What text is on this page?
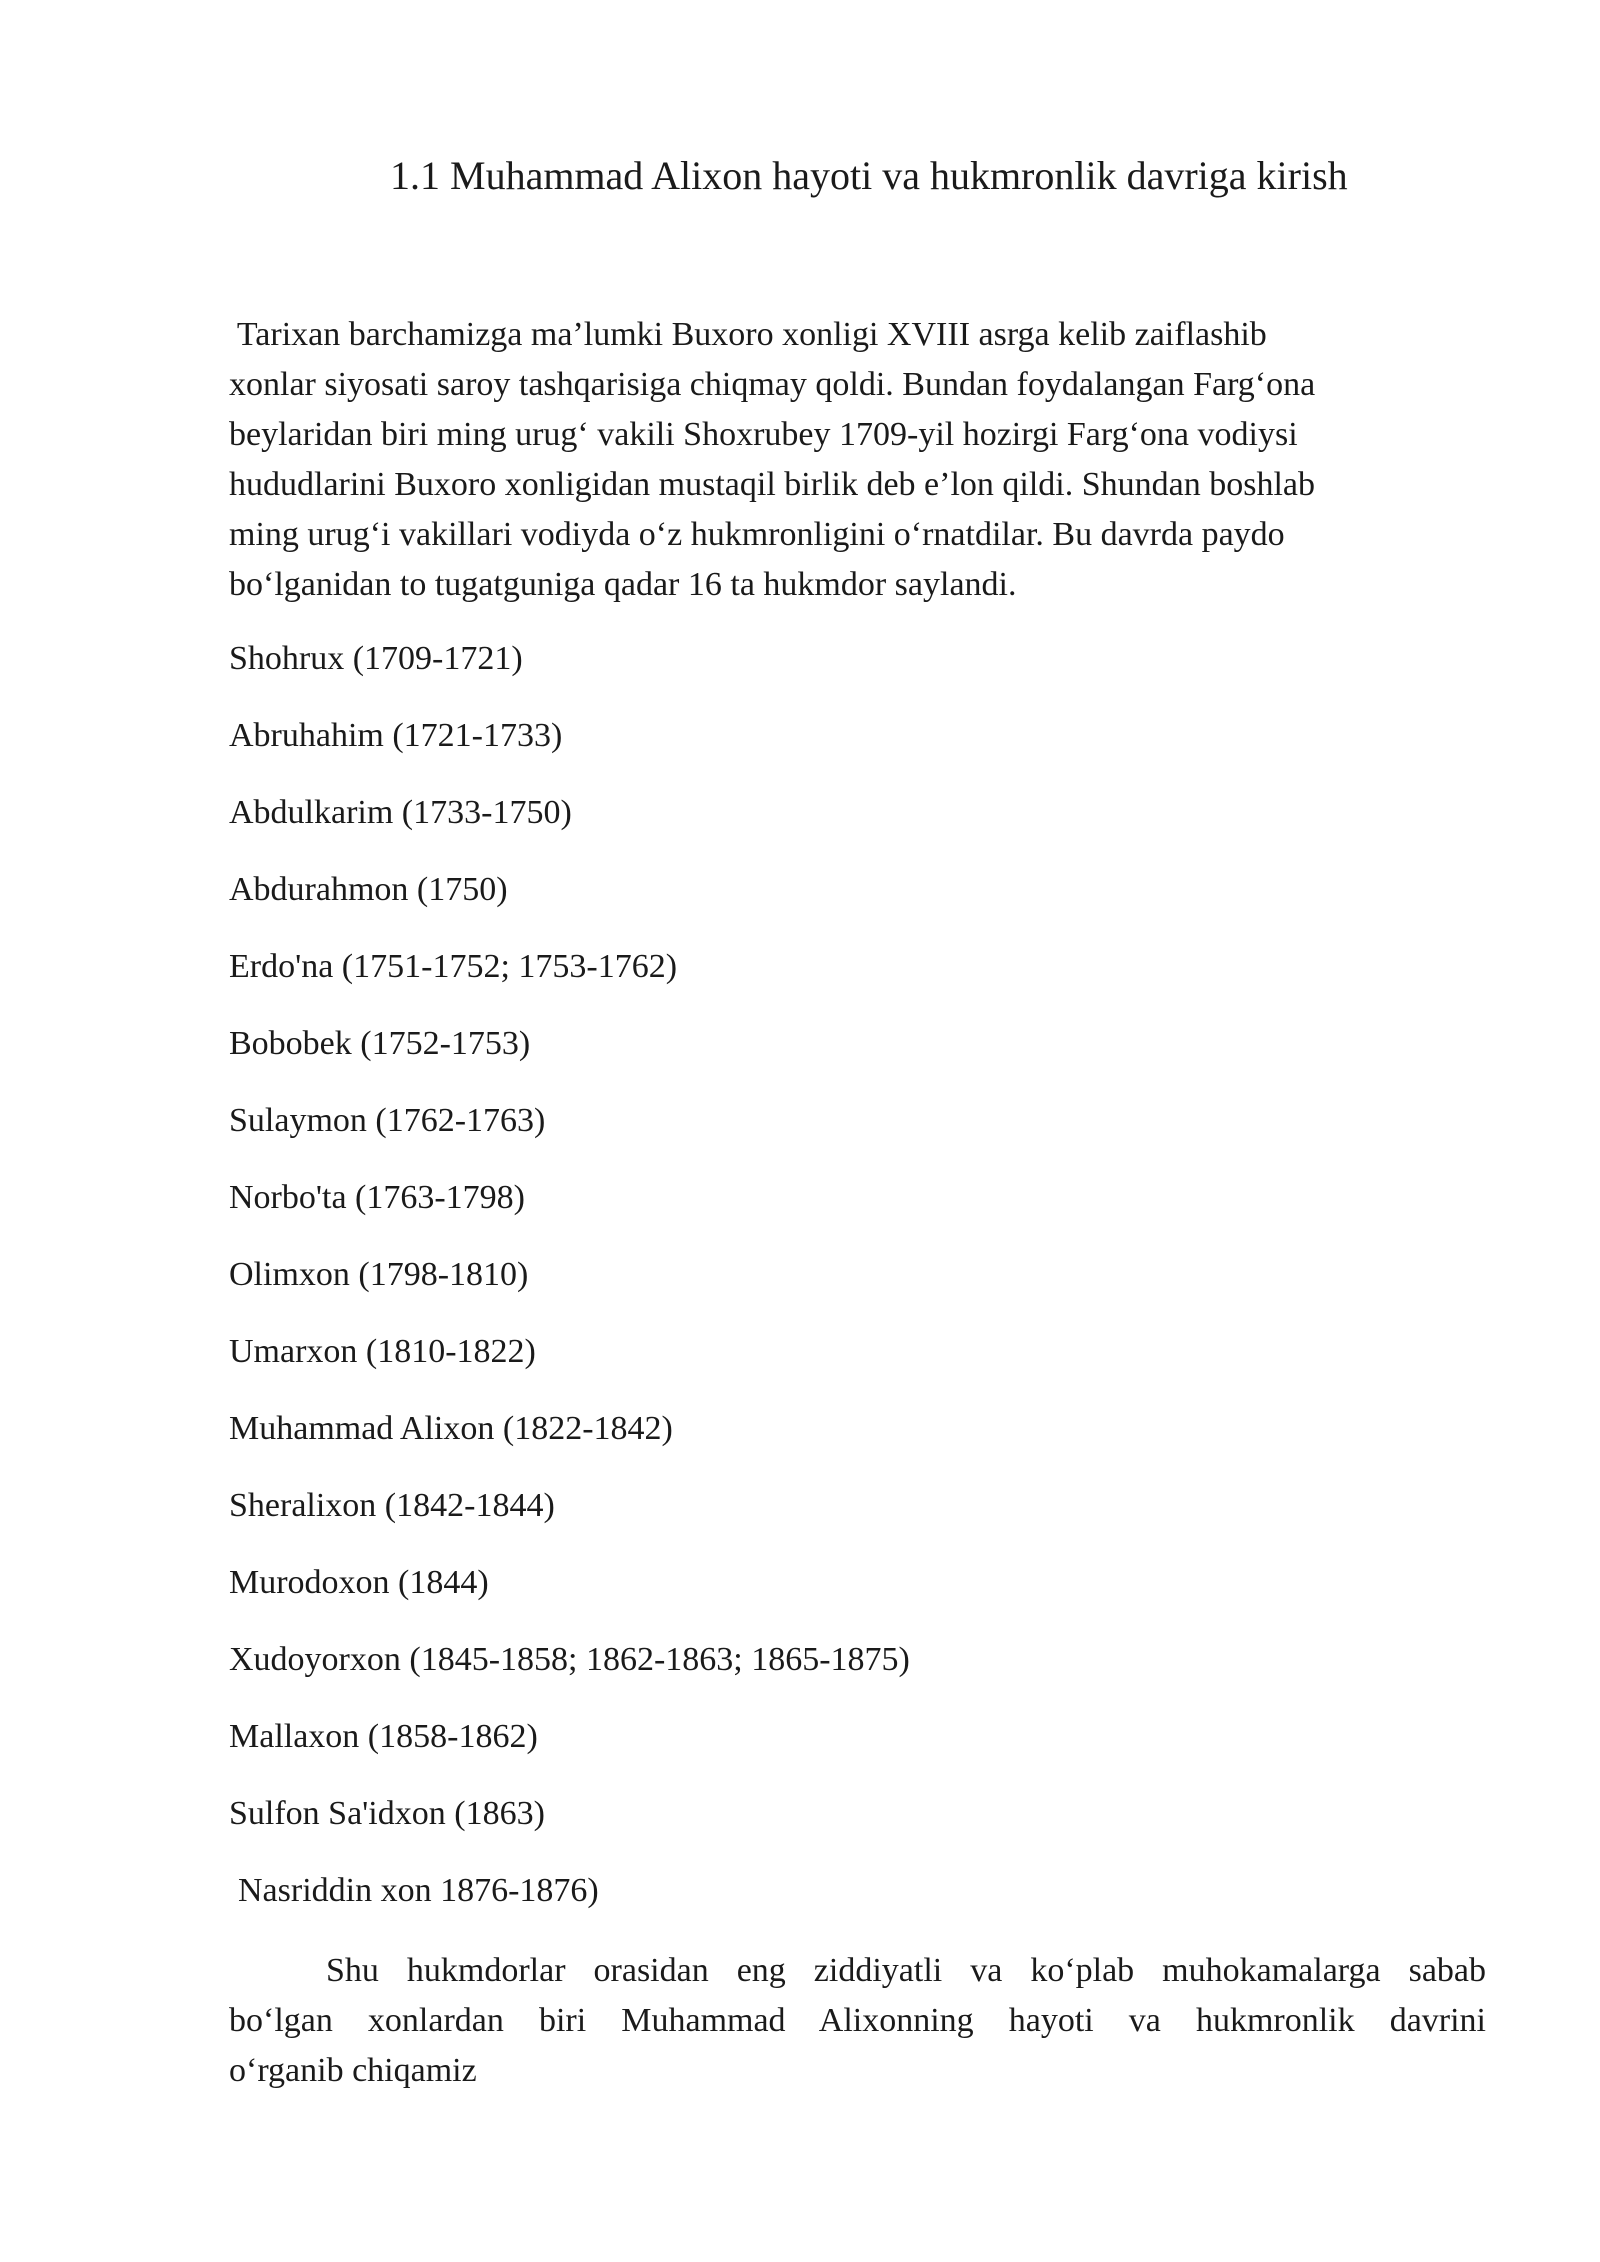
1.1 Muhammad Alixon hayoti va hukmronlik davriga kirish

Tarixan barchamizga ma’lumki Buxoro xonligi XVIII asrga kelib zaiflashib
xonlar siyosati saroy tashqarisiga chiqmay qoldi. Bundan foydalangan Farg‘ona
beylaridan biri ming urug‘ vakili Shoxrubey 1709-yil hozirgi Farg‘ona vodiysi
hududlarini Buxoro xonligidan mustaqil birlik deb e’lon qildi. Shundan boshlab
ming urug‘i vakillari vodiyda o‘z hukmronligini o‘rnatdilar. Bu davrda paydo
bo‘lganidan to tugatguniga qadar 16 ta hukmdor saylandi.

Shohrux (1709-1721)
Abruhahim (1721-1733)
Abdulkarim (1733-1750)
Abdurahmon (1750)
Erdo'na (1751-1752; 1753-1762)
Bobobek (1752-1753)
Sulaymon (1762-1763)
Norbo'ta (1763-1798)
Olimxon (1798-1810)
Umarxon (1810-1822)
Muhammad Alixon (1822-1842)
Sheralixon (1842-1844)
Murodoxon (1844)
Xudoyorxon (1845-1858; 1862-1863; 1865-1875)
Mallaxon (1858-1862)
Sulfon Sa'idxon (1863)
Nasriddin xon 1876-1876)

Shu hukmdorlar orasidan eng ziddiyatli va ko‘plab muhokamalarga sabab
bo‘lgan xonlardan biri Muhammad Alixonning hayoti va hukmronlik davrini
o‘rganib chiqamiz
